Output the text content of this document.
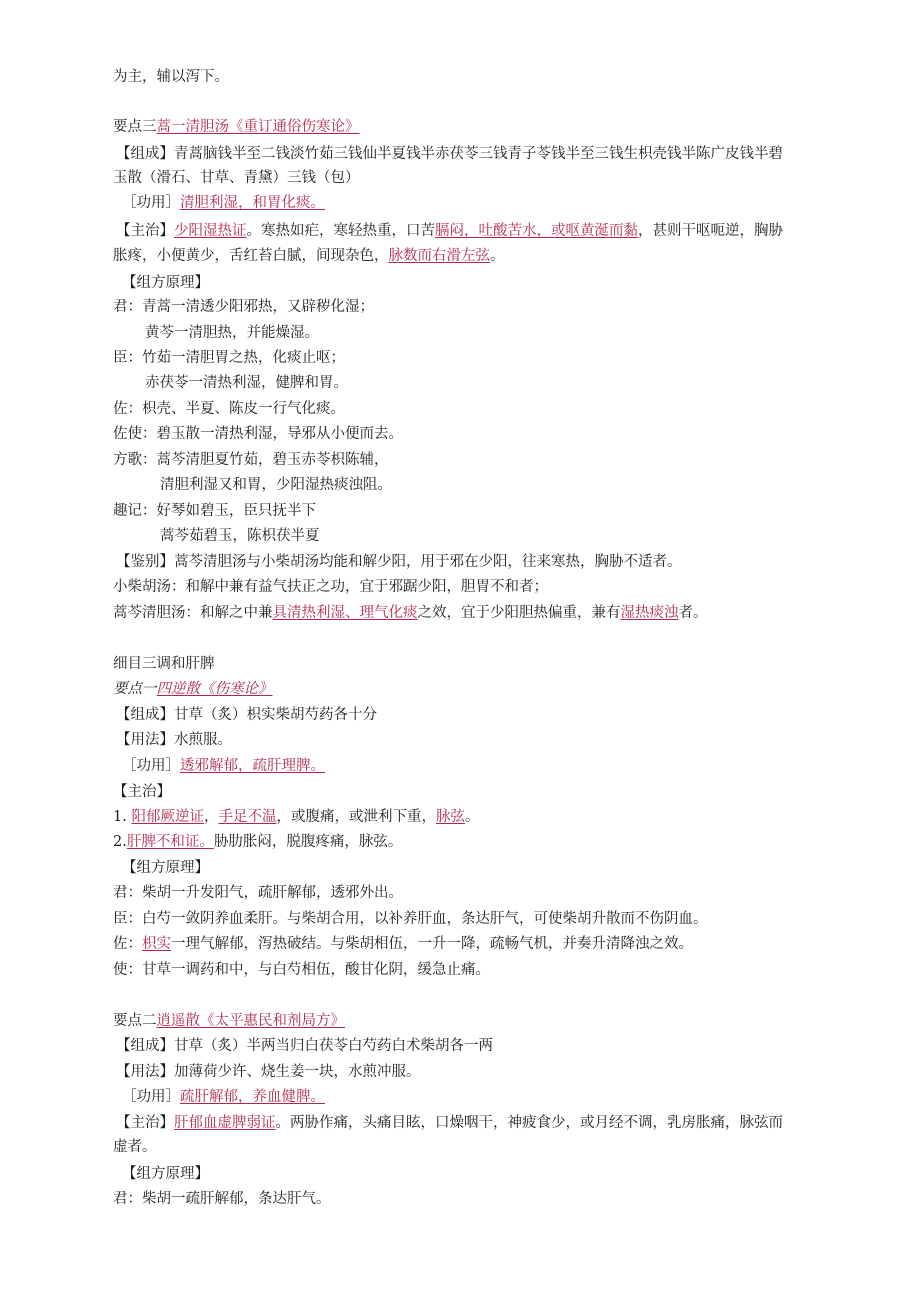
为主，辅以泻下。
要点三蒿一清胆汤《重订通俗伤寒论》
【组成】青蒿脑钱半至二钱淡竹茹三钱仙半夏钱半赤茯苓三钱青子苓钱半至三钱生枳壳钱半陈广皮钱半碧
玉散（滑石、甘草、青黛）三钱（包）
［功用］清胆利湿，和胃化痰。
【主治】少阳湿热证。寒热如疟，寒轻热重，口苦膈闷，吐酸苦水，或呕黄涎而黏，甚则干呕呃逆，胸胁
胀疼，小便黄少，舌红苔白腻，间现杂色，脉数而右滑左弦。
【组方原理】
君：青蒿一清透少阳邪热，又辟秽化湿；
黄芩一清胆热，并能燥湿。
臣：竹茹一清胆胃之热，化痰止呕；
赤茯苓一清热利湿，健脾和胃。
佐：枳壳、半夏、陈皮一行气化痰。
佐使：碧玉散一清热利湿，导邪从小便而去。
方歌：蒿芩清胆夏竹茹，碧玉赤苓枳陈辅，
清胆利湿又和胃，少阳湿热痰浊阻。
趣记：好琴如碧玉，臣只抚半下
蒿芩茹碧玉，陈枳茯半夏
【鉴别】蒿芩清胆汤与小柴胡汤均能和解少阳，用于邪在少阳，往来寒热，胸胁不适者。
小柴胡汤：和解中兼有益气扶正之功，宜于邪踞少阳，胆胃不和者；
蒿芩清胆汤：和解之中兼具清热利湿、理气化痰之效，宜于少阳胆热偏重，兼有湿热痰浊者。
细目三调和肝脾
要点一四逆散《伤寒论》
【组成】甘草（炙）枳实柴胡芍药各十分
【用法】水煎服。
［功用］透邪解郁，疏肝理脾。
【主治】
1. 阳郁厥逆证，手足不温，或腹痛，或泄利下重，脉弦。
2.肝脾不和证。胁肋胀闷，脱腹疼痛，脉弦。
【组方原理】
君：柴胡一升发阳气，疏肝解郁，透邪外出。
臣：白芍一敛阴养血柔肝。与柴胡合用，以补养肝血，条达肝气，可使柴胡升散而不伤阴血。
佐：枳实一理气解郁，泻热破结。与柴胡相伍，一升一降，疏畅气机，并奏升清降浊之效。
使：甘草一调药和中，与白芍相伍，酸甘化阴，缓急止痛。
要点二逍遥散《太平惠民和剂局方》
【组成】甘草（炙）半两当归白茯苓白芍药白术柴胡各一两
【用法】加薄荷少许、烧生姜一块，水煎冲服。
［功用］疏肝解郁，养血健脾。
【主治】肝郁血虚脾弱证。两胁作痛，头痛目眩，口燥咽干，神疲食少，或月经不调，乳房胀痛，脉弦而
虚者。
【组方原理】
君：柴胡一疏肝解郁，条达肝气。
